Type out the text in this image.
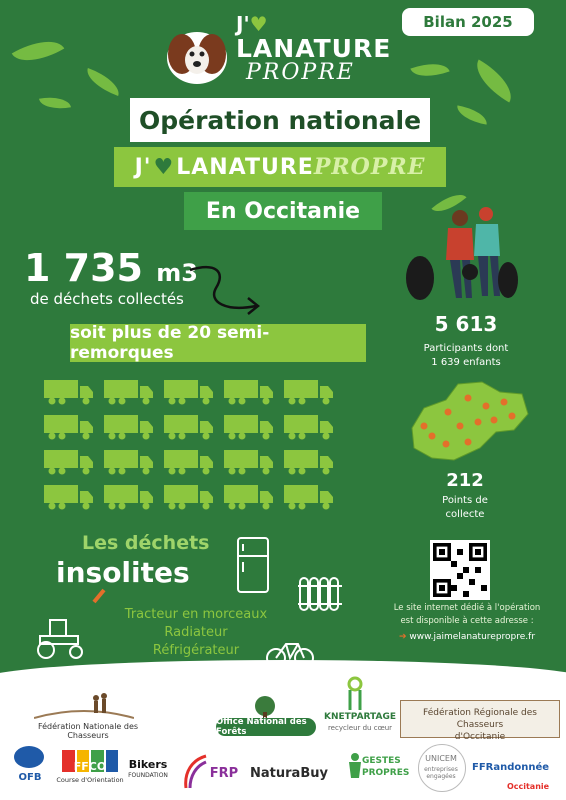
Bilan 2025
J'♥
LANATURE
PROPRE
Opération nationale
J' ♥ LANATURE PROPRE
En Occitanie
1 735 m3
de déchets collectés
soit plus de 20 semi-remorques
5 613
Participants dont
1 639 enfants
212
Points de
collecte
Le site internet dédié à l'opération
est disponible à cette adresse :
➔ www.jaimelanaturepropre.fr
Les déchets
insolites
Tracteur en morceaux
Radiateur
Réfrigérateur
Fédération Nationale des Chasseurs
Office National des Forêts
KNETPARTAGE
recycleur du cœur
Fédération Régionale des Chasseurs
d'Occitanie
OFB
FFCO
Course d'Orientation
Bikers
FOUNDATION	FRP NaturaBuy
GESTES
PROPRES
UNICEM
entreprises engagées
FFRandonnée
Occitanie
